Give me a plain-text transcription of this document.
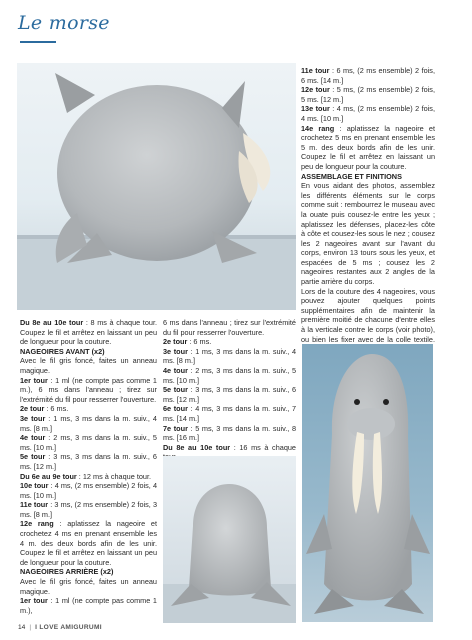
Le morse

Du 8e au 10e tour : 8 ms à chaque tour. Coupez le fil et arrêtez en laissant un peu de longueur pour la couture.

NAGEOIRES AVANT (x2)

Avec le fil gris foncé, faites un anneau magique.

1er tour : 1 ml (ne compte pas comme 1 m.), 6 ms dans l'anneau ; tirez sur l'extrémité du fil pour resserrer l'ouverture.

2e tour : 6 ms.

3e tour : 1 ms, 3 ms dans la m. suiv., 4 ms. [8 m.]

4e tour : 2 ms, 3 ms dans la m. suiv., 5 ms. [10 m.]

5e tour : 3 ms, 3 ms dans la m. suiv., 6 ms. [12 m.]

Du 6e au 9e tour : 12 ms à chaque tour.

10e tour : 4 ms, (2 ms ensemble) 2 fois, 4 ms. [10 m.]

11e tour : 3 ms, (2 ms ensemble) 2 fois, 3 ms. [8 m.]

12e rang : aplatissez la nageoire et crochetez 4 ms en prenant ensemble les 4 m. des deux bords afin de les unir. Coupez le fil et arrêtez en laissant un peu de longueur pour la couture.

NAGEOIRES ARRIÈRE (x2)

Avec le fil gris foncé, faites un anneau magique.

1er tour : 1 ml (ne compte pas comme 1 m.),

6 ms dans l'anneau ; tirez sur l'extrémité du fil pour resserrer l'ouverture.

2e tour : 6 ms.

3e tour : 1 ms, 3 ms dans la m. suiv., 4 ms. [8 m.]

4e tour : 2 ms, 3 ms dans la m. suiv., 5 ms. [10 m.]

5e tour : 3 ms, 3 ms dans la m. suiv., 6 ms. [12 m.]

6e tour : 4 ms, 3 ms dans la m. suiv., 7 ms. [14 m.]

7e tour : 5 ms, 3 ms dans la m. suiv., 8 ms. [16 m.]

Du 8e au 10e tour : 16 ms à chaque

11e tour : 6 ms, (2 ms ensemble) 2 fois, 6 ms. [14 m.]

12e tour : 5 ms, (2 ms ensemble) 2 fois, 5 ms. [12 m.]

13e tour : 4 ms, (2 ms ensemble) 2 fois, 4 ms. [10 m.]

14e rang : aplatissez la nageoire et crochetez 5 ms en prenant ensemble les 5 m. des deux bords afin de les unir. Coupez le fil et arrêtez en laissant un peu de longueur pour la couture.

ASSEMBLAGE ET FINITIONS

En vous aidant des photos, assemblez les différents éléments sur le corps comme suit : rembourrez le museau avec la ouate puis cousez-le entre les yeux ; aplatissez les défenses, placez-les côte à côte et cousez-les sous le nez ; cousez les 2 nageoires avant sur l'avant du corps, environ 13 tours sous les yeux, et espacées de 5 ms ; cousez les 2 nageoires restantes aux 2 angles de la partie arrière du corps.

Lors de la couture des 4 nageoires, vous pouvez ajouter quelques points supplémentaires afin de maintenir la première moitié de chacune d'entre elles à la verticale contre le corps (voir photo), ou bien les fixer avec de la colle textile.

14 | I LOVE AMIGURUMI
